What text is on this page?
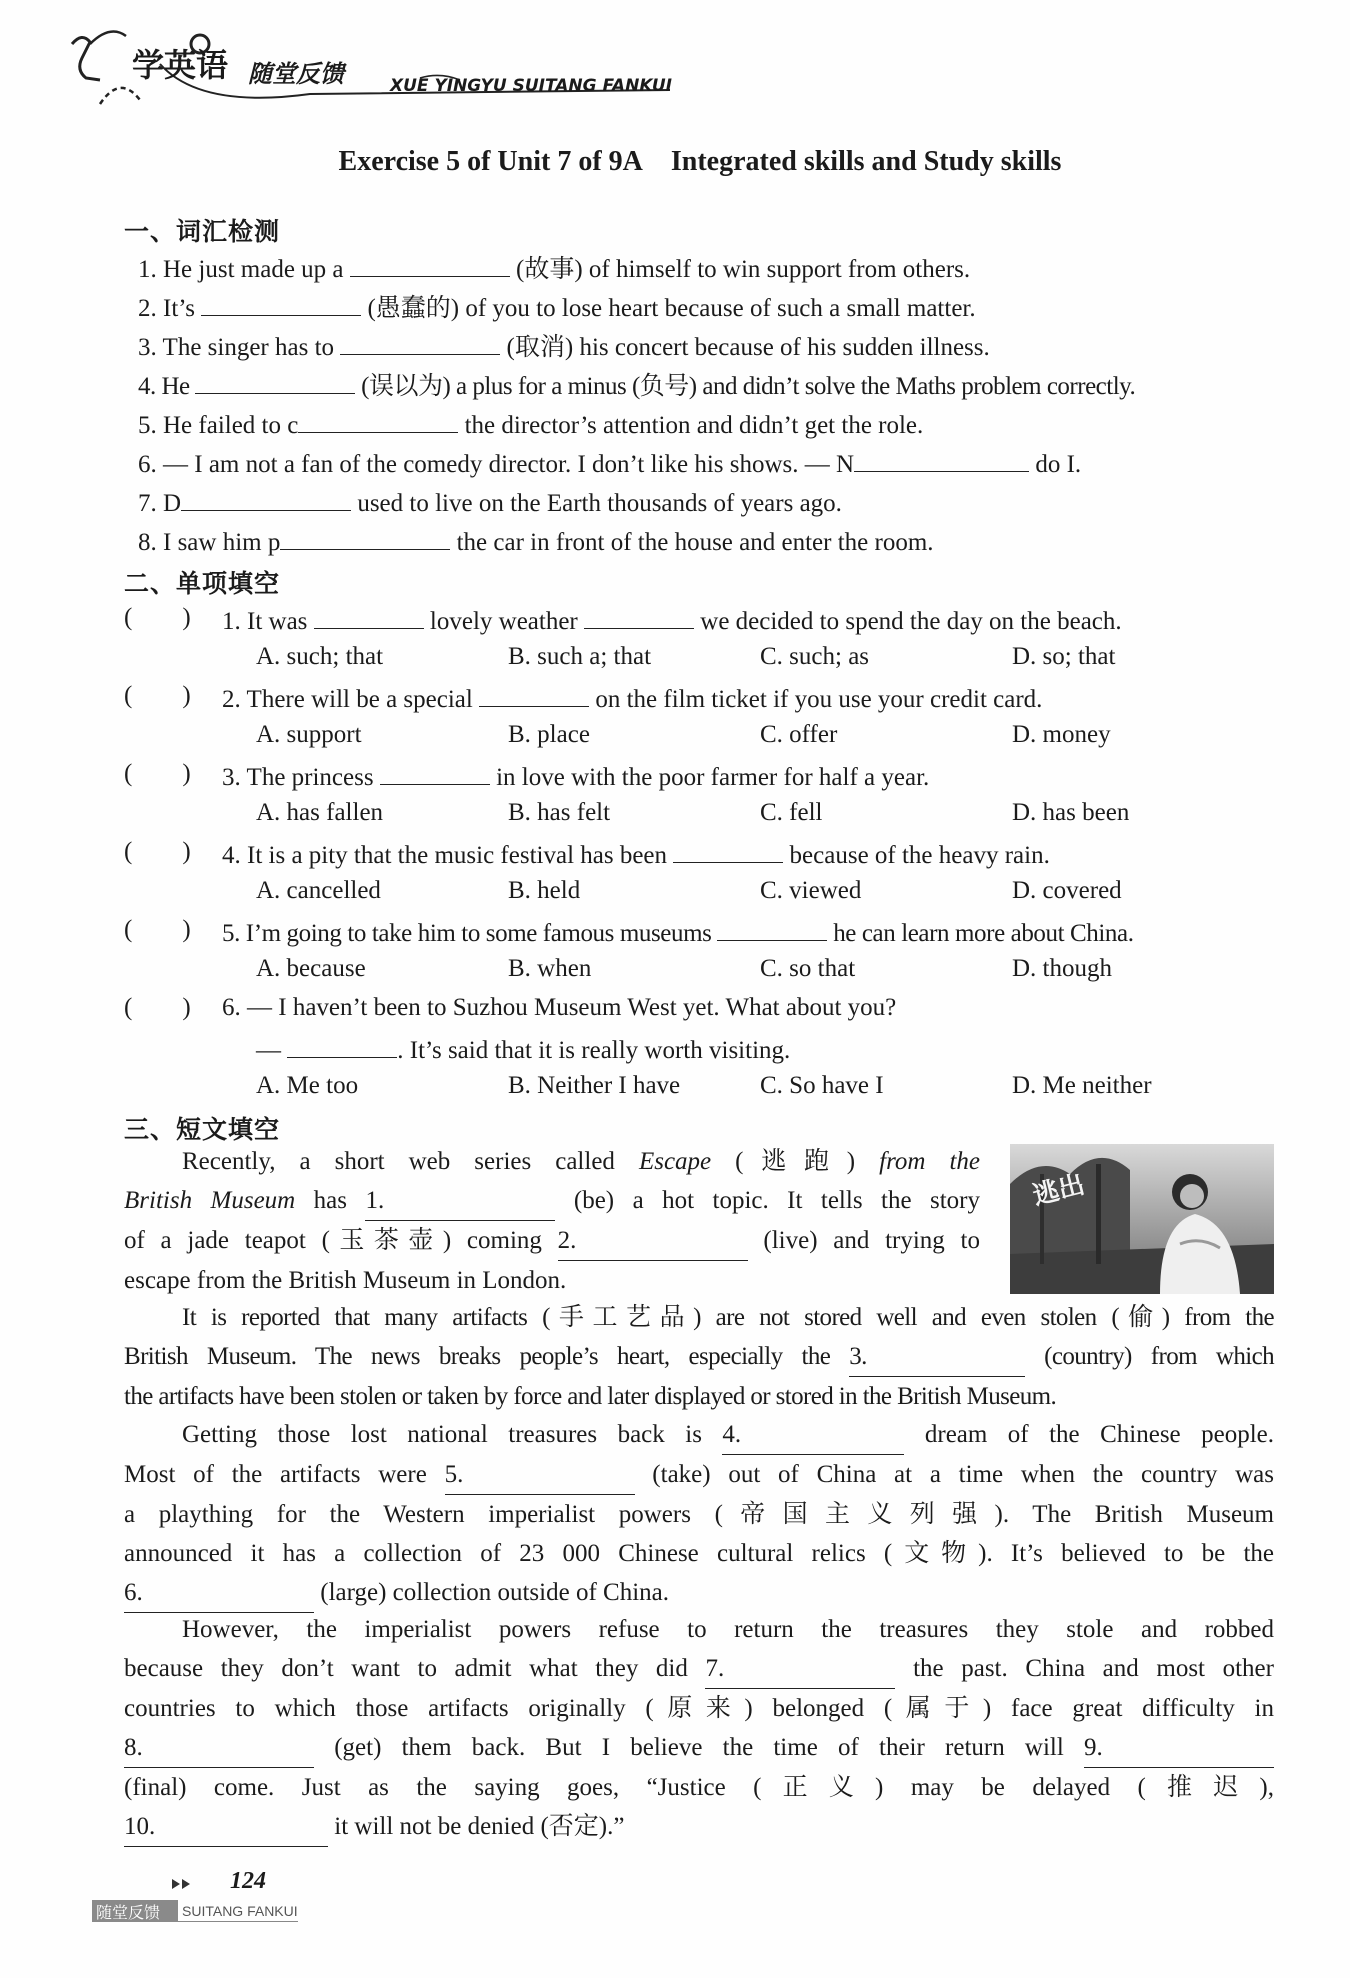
学英语 随堂反馈	XUE YINGYU SUITANG FANKUI
Exercise 5 of Unit 7 of 9A Integrated skills and Study skills
一、词汇检测
1. He just made up a	(故事) of himself to win support from others.
2. It’s	(愚蠢的) of you to lose heart because of such a small matter.
3. The singer has to	(取消) his concert because of his sudden illness.
4. He	(误以为) a plus for a minus (负号) and didn’t solve the Maths problem correctly.
5. He failed to c	the director’s attention and didn’t get the role.
6. — I am not a fan of the comedy director. I don’t like his shows. — N	do I.
7. D	used to live on the Earth thousands of years ago.
8. I saw him p	the car in front of the house and enter the room.
二、单项填空
(  ) 1. It was	lovely weather	we decided to spend the day on the beach.
A. such; that	B. such a; that	C. such; as	D. so; that
(  ) 2. There will be a special	on the film ticket if you use your credit card.
A. support	B. place	C. offer	D. money
(  ) 3. The princess	in love with the poor farmer for half a year.
A. has fallen	B. has felt	C. fell	D. has been
(  ) 4. It is a pity that the music festival has been	because of the heavy rain.
A. cancelled	B. held	C. viewed	D. covered
(  ) 5. I’m going to take him to some famous museums	he can learn more about China.
A. because	B. when	C. so that	D. though
(  ) 6. — I haven’t been to Suzhou Museum West yet. What about you?
—	. It’s said that it is really worth visiting.
A. Me too	B. Neither I have	C. So have I	D. Me neither
三、短文填空
Recently, a short web series called Escape (逃跑) from the
British Museum has 1.	(be) a hot topic. It tells the story
of a jade teapot (玉茶壶) coming 2.	(live) and trying to
escape from the British Museum in London.
逃出
It is reported that many artifacts (手工艺品) are not stored well and even stolen (偷) from the
British Museum. The news breaks people’s heart, especially the 3.	(country) from which
the artifacts have been stolen or taken by force and later displayed or stored in the British Museum.
Getting those lost national treasures back is 4.	dream of the Chinese people.
Most of the artifacts were 5.	(take) out of China at a time when the country was
a plaything for the Western imperialist powers (帝国主义列强). The British Museum
announced it has a collection of 23 000 Chinese cultural relics (文物). It’s believed to be the
6.	(large) collection outside of China.
However, the imperialist powers refuse to return the treasures they stole and robbed
because they don’t want to admit what they did 7.	the past. China and most other
countries to which those artifacts originally (原来) belonged (属于) face great difficulty in
8.	(get) them back. But I believe the time of their return will 9.
(final) come. Just as the saying goes, “Justice (正义) may be delayed (推迟),
10.	it will not be denied (否定).”
124
随堂反馈 SUITANG FANKUI
